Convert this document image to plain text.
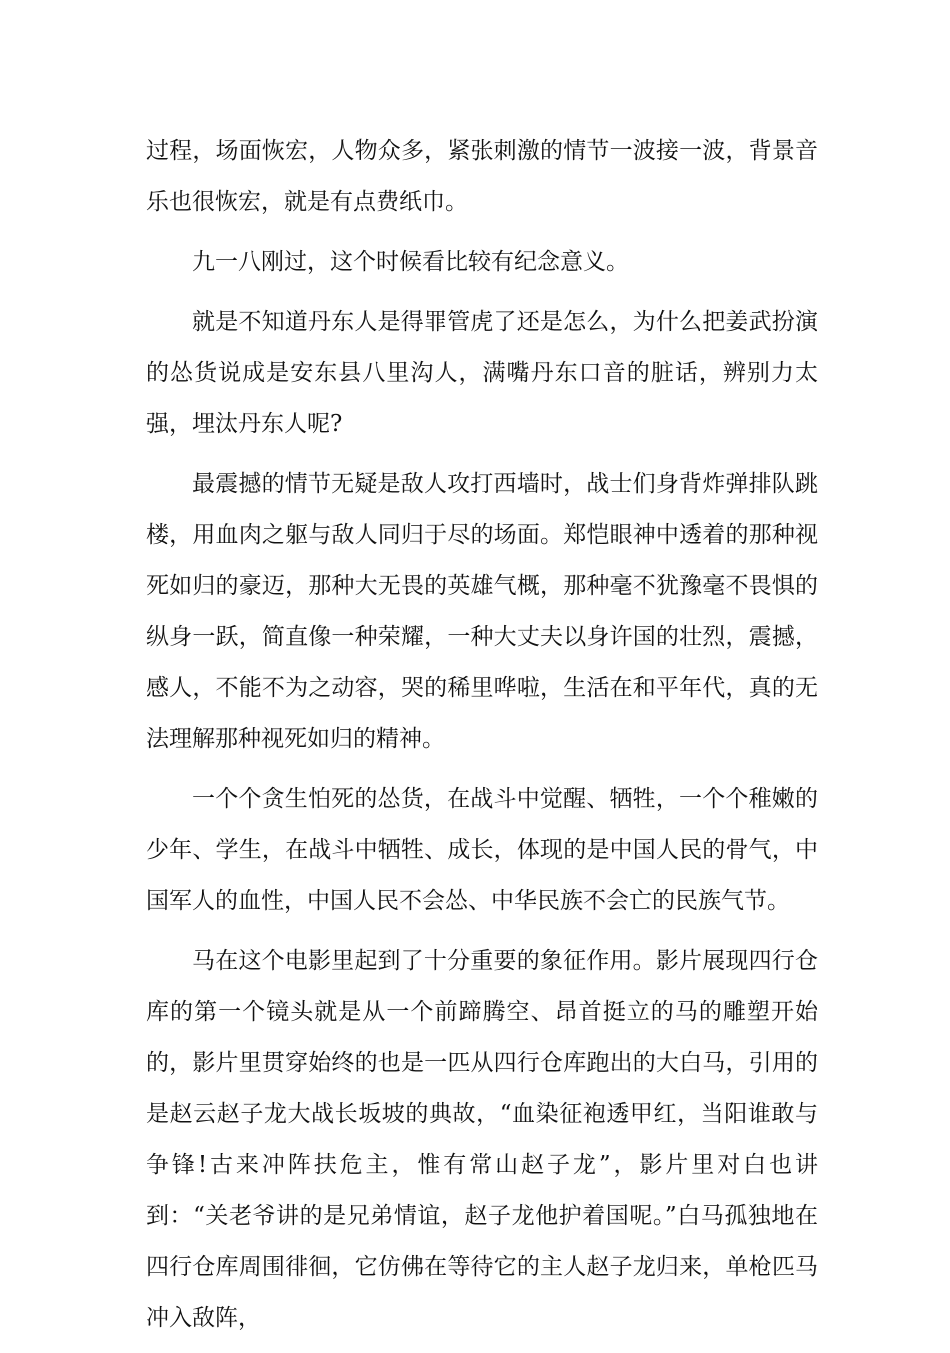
过程，场面恢宏，人物众多，紧张刺激的情节一波接一波，背景音乐也很恢宏，就是有点费纸巾。

九一八刚过，这个时候看比较有纪念意义。

就是不知道丹东人是得罪管虎了还是怎么，为什么把姜武扮演的怂货说成是安东县八里沟人，满嘴丹东口音的脏话，辨别力太强，埋汰丹东人呢?

最震撼的情节无疑是敌人攻打西墙时，战士们身背炸弹排队跳楼，用血肉之躯与敌人同归于尽的场面。郑恺眼神中透着的那种视死如归的豪迈，那种大无畏的英雄气概，那种毫不犹豫毫不畏惧的纵身一跃，简直像一种荣耀，一种大丈夫以身许国的壮烈，震撼，感人，不能不为之动容，哭的稀里哗啦，生活在和平年代，真的无法理解那种视死如归的精神。

一个个贪生怕死的怂货，在战斗中觉醒、牺牲，一个个稚嫩的少年、学生，在战斗中牺牲、成长，体现的是中国人民的骨气，中国军人的血性，中国人民不会怂、中华民族不会亡的民族气节。

马在这个电影里起到了十分重要的象征作用。影片展现四行仓库的第一个镜头就是从一个前蹄腾空、昂首挺立的马的雕塑开始的，影片里贯穿始终的也是一匹从四行仓库跑出的大白马，引用的是赵云赵子龙大战长坂坡的典故，“血染征袍透甲红，当阳谁敢与争锋!古来冲阵扶危主，惟有常山赵子龙”，影片里对白也讲到：“关老爷讲的是兄弟情谊，赵子龙他护着国呢。”白马孤独地在四行仓库周围徘徊，它仿佛在等待它的主人赵子龙归来，单枪匹马冲入敌阵，
